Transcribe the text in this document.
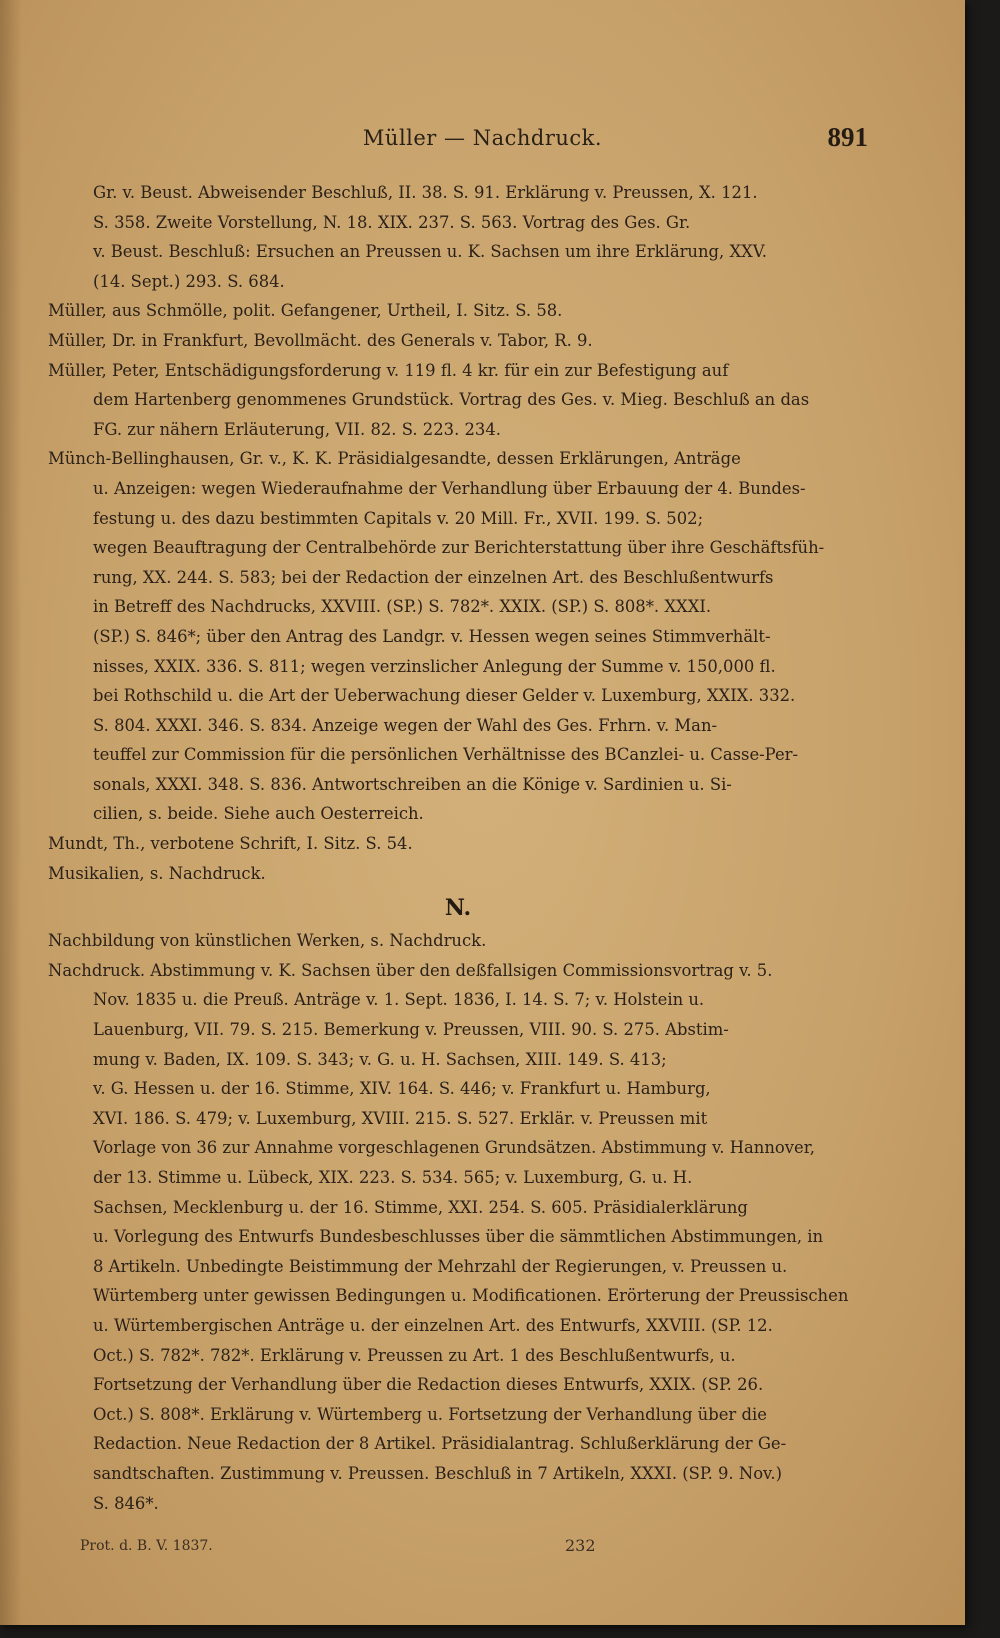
Müller — Nachdruck.	891
Gr. v. Beust. Abweisender Beschluß, II. 38. S. 91. Erklärung v. Preussen, X. 121.
S. 358. Zweite Vorstellung, N. 18. XIX. 237. S. 563. Vortrag des Ges. Gr.
v. Beust. Beschluß: Ersuchen an Preussen u. K. Sachsen um ihre Erklärung, XXV.
(14. Sept.) 293. S. 684.
Müller, aus Schmölle, polit. Gefangener, Urtheil, I. Sitz. S. 58.
Müller, Dr. in Frankfurt, Bevollmächt. des Generals v. Tabor, R. 9.
Müller, Peter, Entschädigungsforderung v. 119 fl. 4 kr. für ein zur Befestigung auf
dem Hartenberg genommenes Grundstück. Vortrag des Ges. v. Mieg. Beschluß an das
FG. zur nähern Erläuterung, VII. 82. S. 223. 234.
Münch-Bellinghausen, Gr. v., K. K. Präsidialgesandte, dessen Erklärungen, Anträge
u. Anzeigen: wegen Wiederaufnahme der Verhandlung über Erbauung der 4. Bundes-
festung u. des dazu bestimmten Capitals v. 20 Mill. Fr., XVII. 199. S. 502;
wegen Beauftragung der Centralbehörde zur Berichterstattung über ihre Geschäftsfüh-
rung, XX. 244. S. 583; bei der Redaction der einzelnen Art. des Beschlußentwurfs
in Betreff des Nachdrucks, XXVIII. (SP.) S. 782*. XXIX. (SP.) S. 808*. XXXI.
(SP.) S. 846*; über den Antrag des Landgr. v. Hessen wegen seines Stimmverhält-
nisses, XXIX. 336. S. 811; wegen verzinslicher Anlegung der Summe v. 150,000 fl.
bei Rothschild u. die Art der Ueberwachung dieser Gelder v. Luxemburg, XXIX. 332.
S. 804. XXXI. 346. S. 834. Anzeige wegen der Wahl des Ges. Frhrn. v. Man-
teuffel zur Commission für die persönlichen Verhältnisse des BCanzlei- u. Casse-Per-
sonals, XXXI. 348. S. 836. Antwortschreiben an die Könige v. Sardinien u. Si-
cilien, s. beide. Siehe auch Oesterreich.
Mundt, Th., verbotene Schrift, I. Sitz. S. 54.
Musikalien, s. Nachdruck.
N.
Nachbildung von künstlichen Werken, s. Nachdruck.
Nachdruck. Abstimmung v. K. Sachsen über den deßfallsigen Commissionsvortrag v. 5.
Nov. 1835 u. die Preuß. Anträge v. 1. Sept. 1836, I. 14. S. 7; v. Holstein u.
Lauenburg, VII. 79. S. 215. Bemerkung v. Preussen, VIII. 90. S. 275. Abstim-
mung v. Baden, IX. 109. S. 343; v. G. u. H. Sachsen, XIII. 149. S. 413;
v. G. Hessen u. der 16. Stimme, XIV. 164. S. 446; v. Frankfurt u. Hamburg,
XVI. 186. S. 479; v. Luxemburg, XVIII. 215. S. 527. Erklär. v. Preussen mit
Vorlage von 36 zur Annahme vorgeschlagenen Grundsätzen. Abstimmung v. Hannover,
der 13. Stimme u. Lübeck, XIX. 223. S. 534. 565; v. Luxemburg, G. u. H.
Sachsen, Mecklenburg u. der 16. Stimme, XXI. 254. S. 605. Präsidialerklärung
u. Vorlegung des Entwurfs Bundesbeschlusses über die sämmtlichen Abstimmungen, in
8 Artikeln. Unbedingte Beistimmung der Mehrzahl der Regierungen, v. Preussen u.
Würtemberg unter gewissen Bedingungen u. Modificationen. Erörterung der Preussischen
u. Würtembergischen Anträge u. der einzelnen Art. des Entwurfs, XXVIII. (SP. 12.
Oct.) S. 782*. 782*. Erklärung v. Preussen zu Art. 1 des Beschlußentwurfs, u.
Fortsetzung der Verhandlung über die Redaction dieses Entwurfs, XXIX. (SP. 26.
Oct.) S. 808*. Erklärung v. Würtemberg u. Fortsetzung der Verhandlung über die
Redaction. Neue Redaction der 8 Artikel. Präsidialantrag. Schlußerklärung der Ge-
sandtschaften. Zustimmung v. Preussen. Beschluß in 7 Artikeln, XXXI. (SP. 9. Nov.)
S. 846*.
Prot. d. B. V. 1837.	232
